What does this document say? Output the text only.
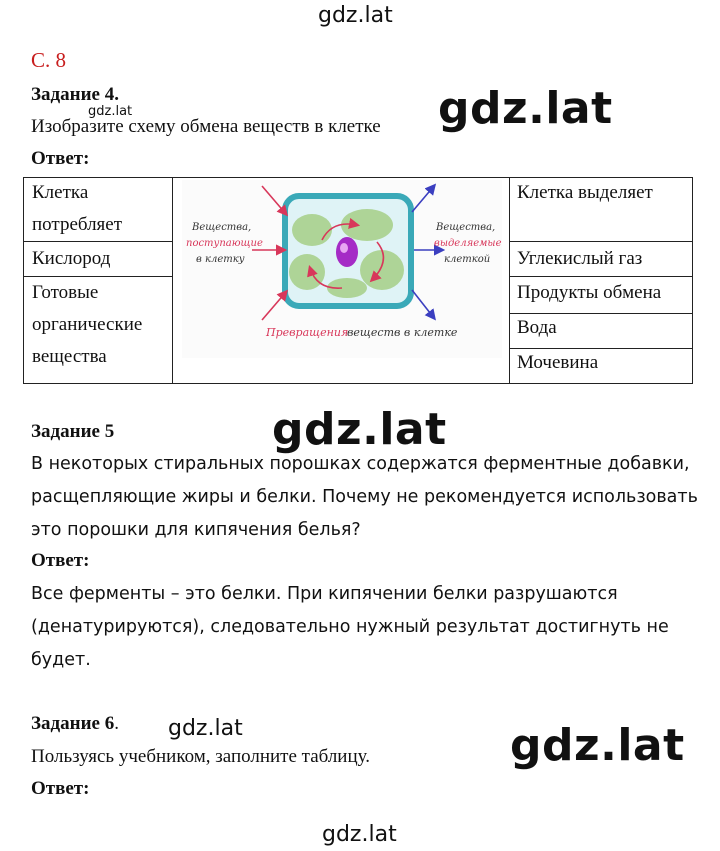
gdz.lat
С. 8
Задание 4.
gdz.lat
Изобразите схему обмена веществ в клетке gdz.lat
Ответ:
Клетка
потребляет
Кислород
Готовые
органические
вещества
Клетка выделяет
Углекислый газ
Продукты обмена
Вода
Мочевина
Вещества,
поступающие
в клетку
Вещества,
выделяемые
клеткой
Превращения
веществ в клетке
Задание 5	gdz.lat
В некоторых стиральных порошках содержатся ферментные добавки,
расщепляющие жиры и белки. Почему не рекомендуется использовать
это порошки для кипячения белья?
Ответ:
Все ферменты – это белки. При кипячении белки разрушаются
(денатурируются), следовательно нужный результат достигнуть не
будет.
Задание 6. gdz.lat
Пользуясь учебником, заполните таблицу.	gdz.lat
Ответ:
gdz.lat
